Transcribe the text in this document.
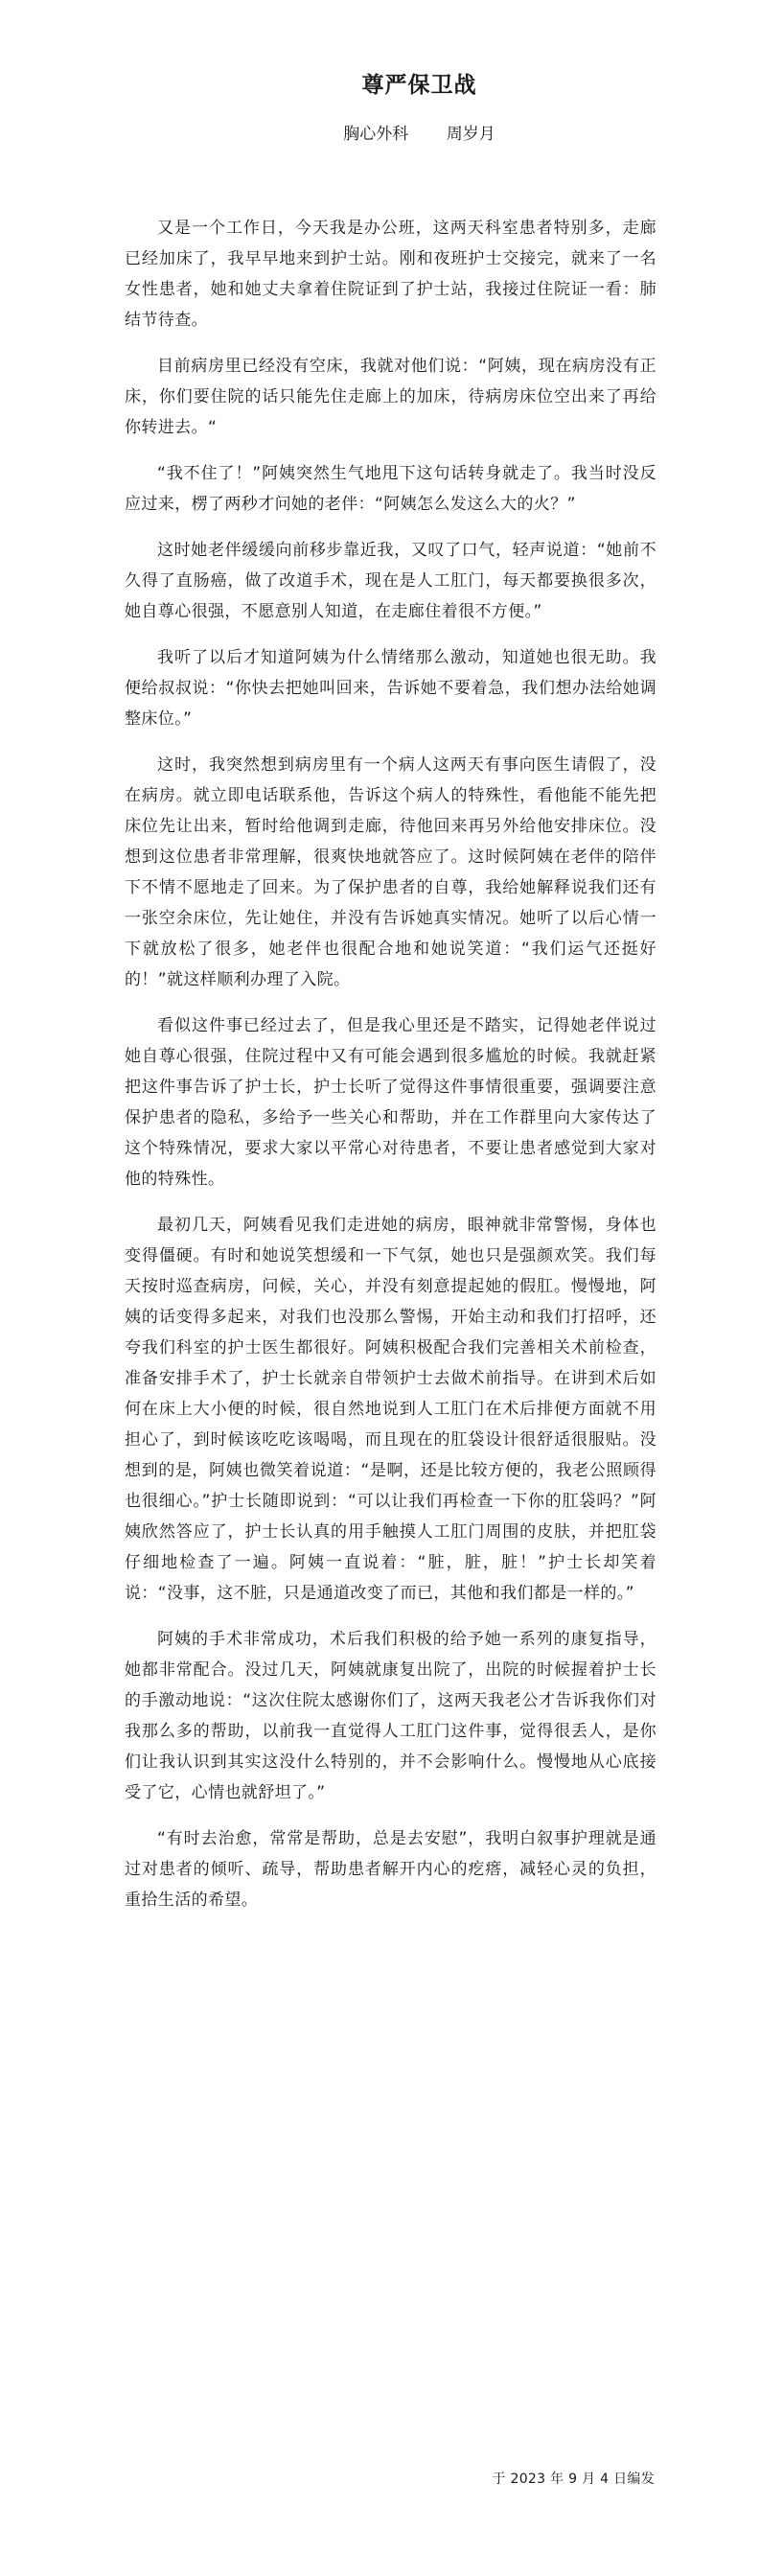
尊严保卫战
胸心外科 周岁月

又是一个工作日，今天我是办公班，这两天科室患者特别多，走廊已经加床了，我早早地来到护士站。刚和夜班护士交接完，就来了一名女性患者，她和她丈夫拿着住院证到了护士站，我接过住院证一看：肺结节待查。

目前病房里已经没有空床，我就对他们说：“阿姨，现在病房没有正床，你们要住院的话只能先住走廊上的加床，待病房床位空出来了再给你转进去。“

“我不住了！”阿姨突然生气地甩下这句话转身就走了。我当时没反应过来，楞了两秒才问她的老伴：“阿姨怎么发这么大的火？”

这时她老伴缓缓向前移步靠近我，又叹了口气，轻声说道：“她前不久得了直肠癌，做了改道手术，现在是人工肛门，每天都要换很多次，她自尊心很强，不愿意别人知道，在走廊住着很不方便。”

我听了以后才知道阿姨为什么情绪那么激动，知道她也很无助。我便给叔叔说：“你快去把她叫回来，告诉她不要着急，我们想办法给她调整床位。”

这时，我突然想到病房里有一个病人这两天有事向医生请假了，没在病房。就立即电话联系他，告诉这个病人的特殊性，看他能不能先把床位先让出来，暂时给他调到走廊，待他回来再另外给他安排床位。没想到这位患者非常理解，很爽快地就答应了。这时候阿姨在老伴的陪伴下不情不愿地走了回来。为了保护患者的自尊，我给她解释说我们还有一张空余床位，先让她住，并没有告诉她真实情况。她听了以后心情一下就放松了很多，她老伴也很配合地和她说笑道：“我们运气还挺好的！”就这样顺利办理了入院。

看似这件事已经过去了，但是我心里还是不踏实，记得她老伴说过她自尊心很强，住院过程中又有可能会遇到很多尴尬的时候。我就赶紧把这件事告诉了护士长，护士长听了觉得这件事情很重要，强调要注意保护患者的隐私，多给予一些关心和帮助，并在工作群里向大家传达了这个特殊情况，要求大家以平常心对待患者，不要让患者感觉到大家对他的特殊性。

最初几天，阿姨看见我们走进她的病房，眼神就非常警惕，身体也变得僵硬。有时和她说笑想缓和一下气氛，她也只是强颜欢笑。我们每天按时巡查病房，问候，关心，并没有刻意提起她的假肛。慢慢地，阿姨的话变得多起来，对我们也没那么警惕，开始主动和我们打招呼，还夸我们科室的护士医生都很好。阿姨积极配合我们完善相关术前检查，准备安排手术了，护士长就亲自带领护士去做术前指导。在讲到术后如何在床上大小便的时候，很自然地说到人工肛门在术后排便方面就不用担心了，到时候该吃吃该喝喝，而且现在的肛袋设计很舒适很服贴。没想到的是，阿姨也微笑着说道：“是啊，还是比较方便的，我老公照顾得也很细心。”护士长随即说到：“可以让我们再检查一下你的肛袋吗？”阿姨欣然答应了，护士长认真的用手触摸人工肛门周围的皮肤，并把肛袋仔细地检查了一遍。阿姨一直说着：“脏，脏，脏！”护士长却笑着说：“没事，这不脏，只是通道改变了而已，其他和我们都是一样的。”

阿姨的手术非常成功，术后我们积极的给予她一系列的康复指导，她都非常配合。没过几天，阿姨就康复出院了，出院的时候握着护士长的手激动地说：“这次住院太感谢你们了，这两天我老公才告诉我你们对我那么多的帮助，以前我一直觉得人工肛门这件事，觉得很丢人，是你们让我认识到其实这没什么特别的，并不会影响什么。慢慢地从心底接受了它，心情也就舒坦了。”

“有时去治愈，常常是帮助，总是去安慰”，我明白叙事护理就是通过对患者的倾听、疏导，帮助患者解开内心的疙瘩，减轻心灵的负担，重拾生活的希望。

于 2023 年 9 月 4 日编发
